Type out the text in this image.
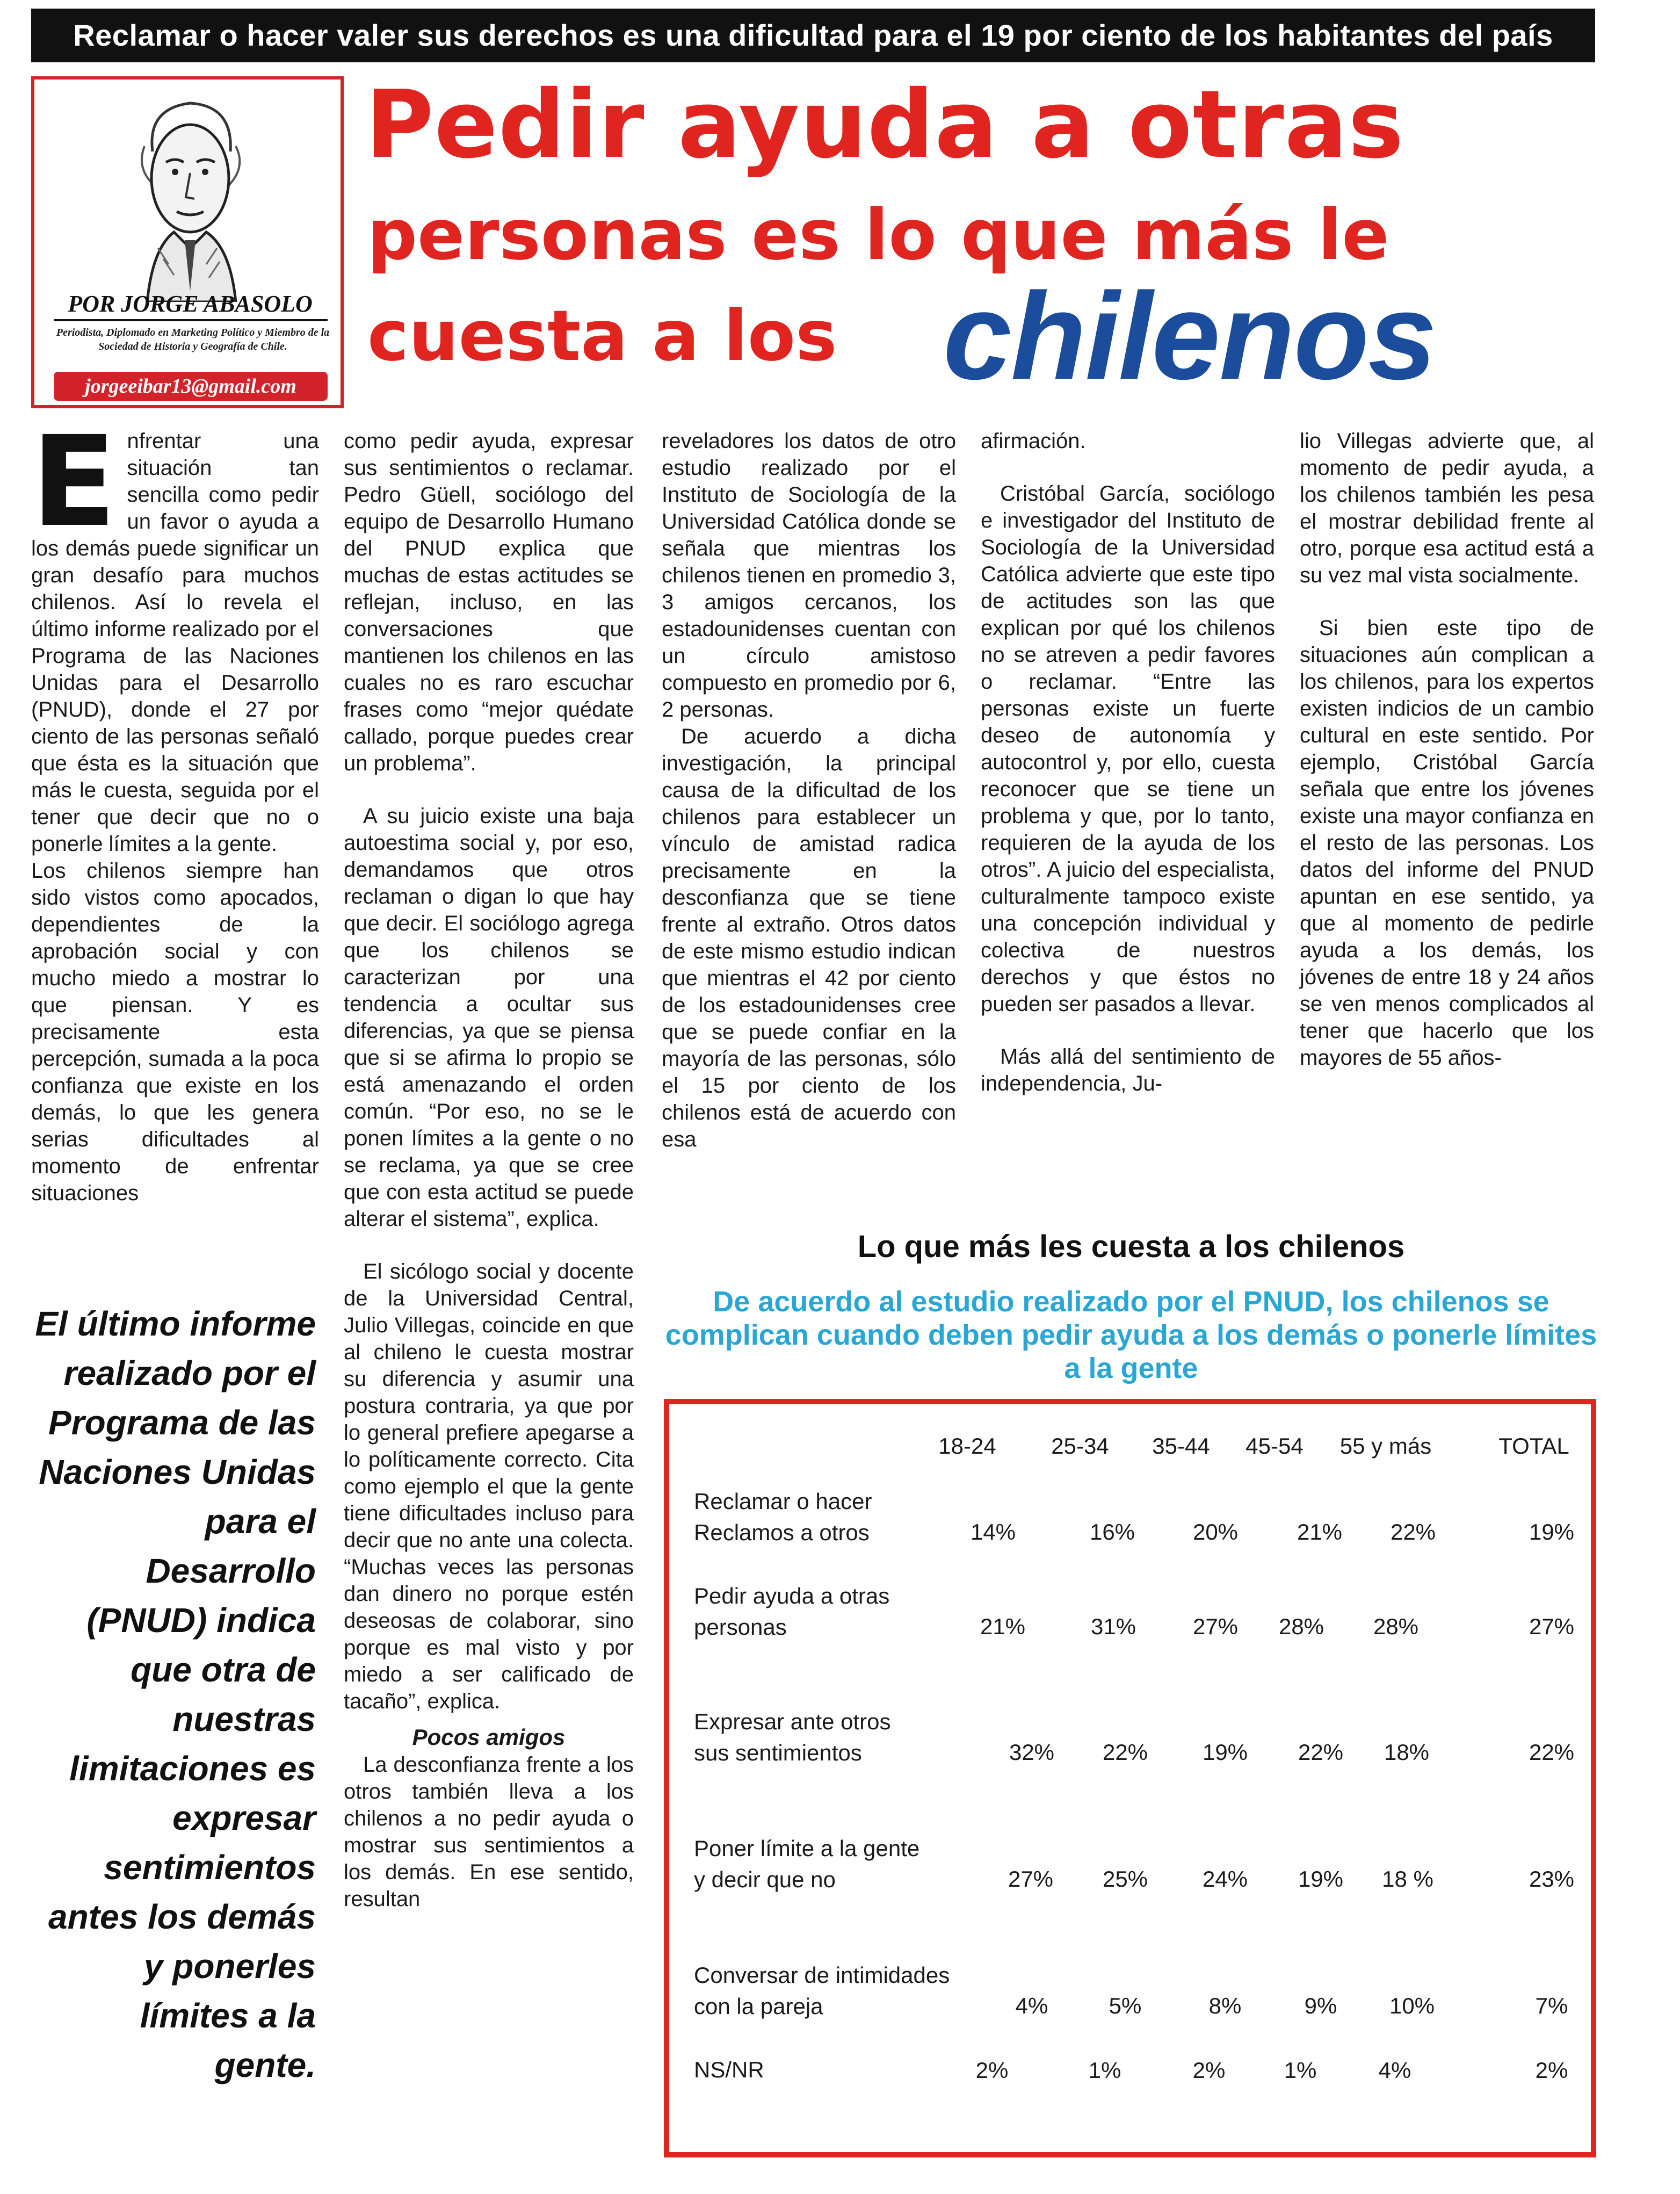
Reclamar o hacer valer sus derechos es una dificultad para el 19 por ciento de los habitantes del país
POR JORGE ABASOLO
Periodista, Diplomado en Marketing Político y Miembro de la Sociedad de Historia y Geografía de Chile.
jorgeeibar13@gmail.com
Pedir ayuda a otras
personas es lo que más le
cuesta a los chilenos
Enfrentar una situación tan sencilla como pedir un favor o ayuda a los demás puede significar un gran desafío para muchos chilenos. Así lo revela el último informe realizado por el Programa de las Naciones Unidas para el Desarrollo (PNUD), donde el 27 por ciento de las personas señaló que ésta es la situación que más le cuesta, seguida por el tener que decir que no o ponerle límites a la gente.
Los chilenos siempre han sido vistos como apocados, dependientes de la aprobación social y con mucho miedo a mostrar lo que piensan. Y es precisamente esta percepción, sumada a la poca confianza que existe en los demás, lo que les genera serias dificultades al momento de enfrentar situaciones

como pedir ayuda, expresar sus sentimientos o reclamar. Pedro Güell, sociólogo del equipo de Desarrollo Humano del PNUD explica que muchas de estas actitudes se reflejan, incluso, en las conversaciones que mantienen los chilenos en las cuales no es raro escuchar frases como “mejor quédate callado, porque puedes crear un problema”.

A su juicio existe una baja autoestima social y, por eso, demandamos que otros reclaman o digan lo que hay que decir. El sociólogo agrega que los chilenos se caracterizan por una tendencia a ocultar sus diferencias, ya que se piensa que si se afirma lo propio se está amenazando el orden común. “Por eso, no se le ponen límites a la gente o no se reclama, ya que se cree que con esta actitud se puede alterar el sistema”, explica.

El sicólogo social y docente de la Universidad Central, Julio Villegas, coincide en que al chileno le cuesta mostrar su diferencia y asumir una postura contraria, ya que por lo general prefiere apegarse a lo políticamente correcto. Cita como ejemplo el que la gente tiene dificultades incluso para decir que no ante una colecta. “Muchas veces las personas dan dinero no porque estén deseosas de colaborar, sino porque es mal visto y por miedo a ser calificado de tacaño”, explica.

Pocos amigos

La desconfianza frente a los otros también lleva a los chilenos a no pedir ayuda o mostrar sus sentimientos a los demás. En ese sentido, resultan

reveladores los datos de otro estudio realizado por el Instituto de Sociología de la Universidad Católica donde se señala que mientras los chilenos tienen en promedio 3, 3 amigos cercanos, los estadounidenses cuentan con un círculo amistoso compuesto en promedio por 6, 2 personas.

De acuerdo a dicha investigación, la principal causa de la dificultad de los chilenos para establecer un vínculo de amistad radica precisamente en la desconfianza que se tiene frente al extraño. Otros datos de este mismo estudio indican que mientras el 42 por ciento de los estadounidenses cree que se puede confiar en la mayoría de las personas, sólo el 15 por ciento de los chilenos está de acuerdo con esa

afirmación.

Cristóbal García, sociólogo e investigador del Instituto de Sociología de la Universidad Católica advierte que este tipo de actitudes son las que explican por qué los chilenos no se atreven a pedir favores o reclamar. “Entre las personas existe un fuerte deseo de autonomía y autocontrol y, por ello, cuesta reconocer que se tiene un problema y que, por lo tanto, requieren de la ayuda de los otros”. A juicio del especialista, culturalmente tampoco existe una concepción individual y colectiva de nuestros derechos y que éstos no pueden ser pasados a llevar.

Más allá del sentimiento de independencia, Ju-

lio Villegas advierte que, al momento de pedir ayuda, a los chilenos también les pesa el mostrar debilidad frente al otro, porque esa actitud está a su vez mal vista socialmente.

Si bien este tipo de situaciones aún complican a los chilenos, para los expertos existen indicios de un cambio cultural en este sentido. Por ejemplo, Cristóbal García señala que entre los jóvenes existe una mayor confianza en el resto de las personas. Los datos del informe del PNUD apuntan en ese sentido, ya que al momento de pedirle ayuda a los demás, los jóvenes de entre 18 y 24 años se ven menos complicados al tener que hacerlo que los mayores de 55 años-

El último informe realizado por el Programa de las Naciones Unidas para el Desarrollo (PNUD) indica que otra de nuestras limitaciones es expresar sentimientos antes los demás y ponerles límites a la gente.
Lo que más les cuesta a los chilenos
De acuerdo al estudio realizado por el PNUD, los chilenos se complican cuando deben pedir ayuda a los demás o ponerle límites a la gente
18-24 25-34 35-44 45-54	55 y más	TOTAL
Reclamar o hacer
Reclamos a otros	14%	16%	20%	21%	22%	19%
Pedir ayuda a otras
personas	21%	31%	27%	28%	28%	27%
Expresar ante otros
sus sentimientos	32%	22%	19%	22%	18%	22%
Poner límite a la gente
y decir que no	27%	25%	24%	19%	18 %	23%
Conversar de intimidades
con la pareja	4%	5%	8%	9%	10%	7%
NS/NR	2%	1%	2%	1%	4%	2%
